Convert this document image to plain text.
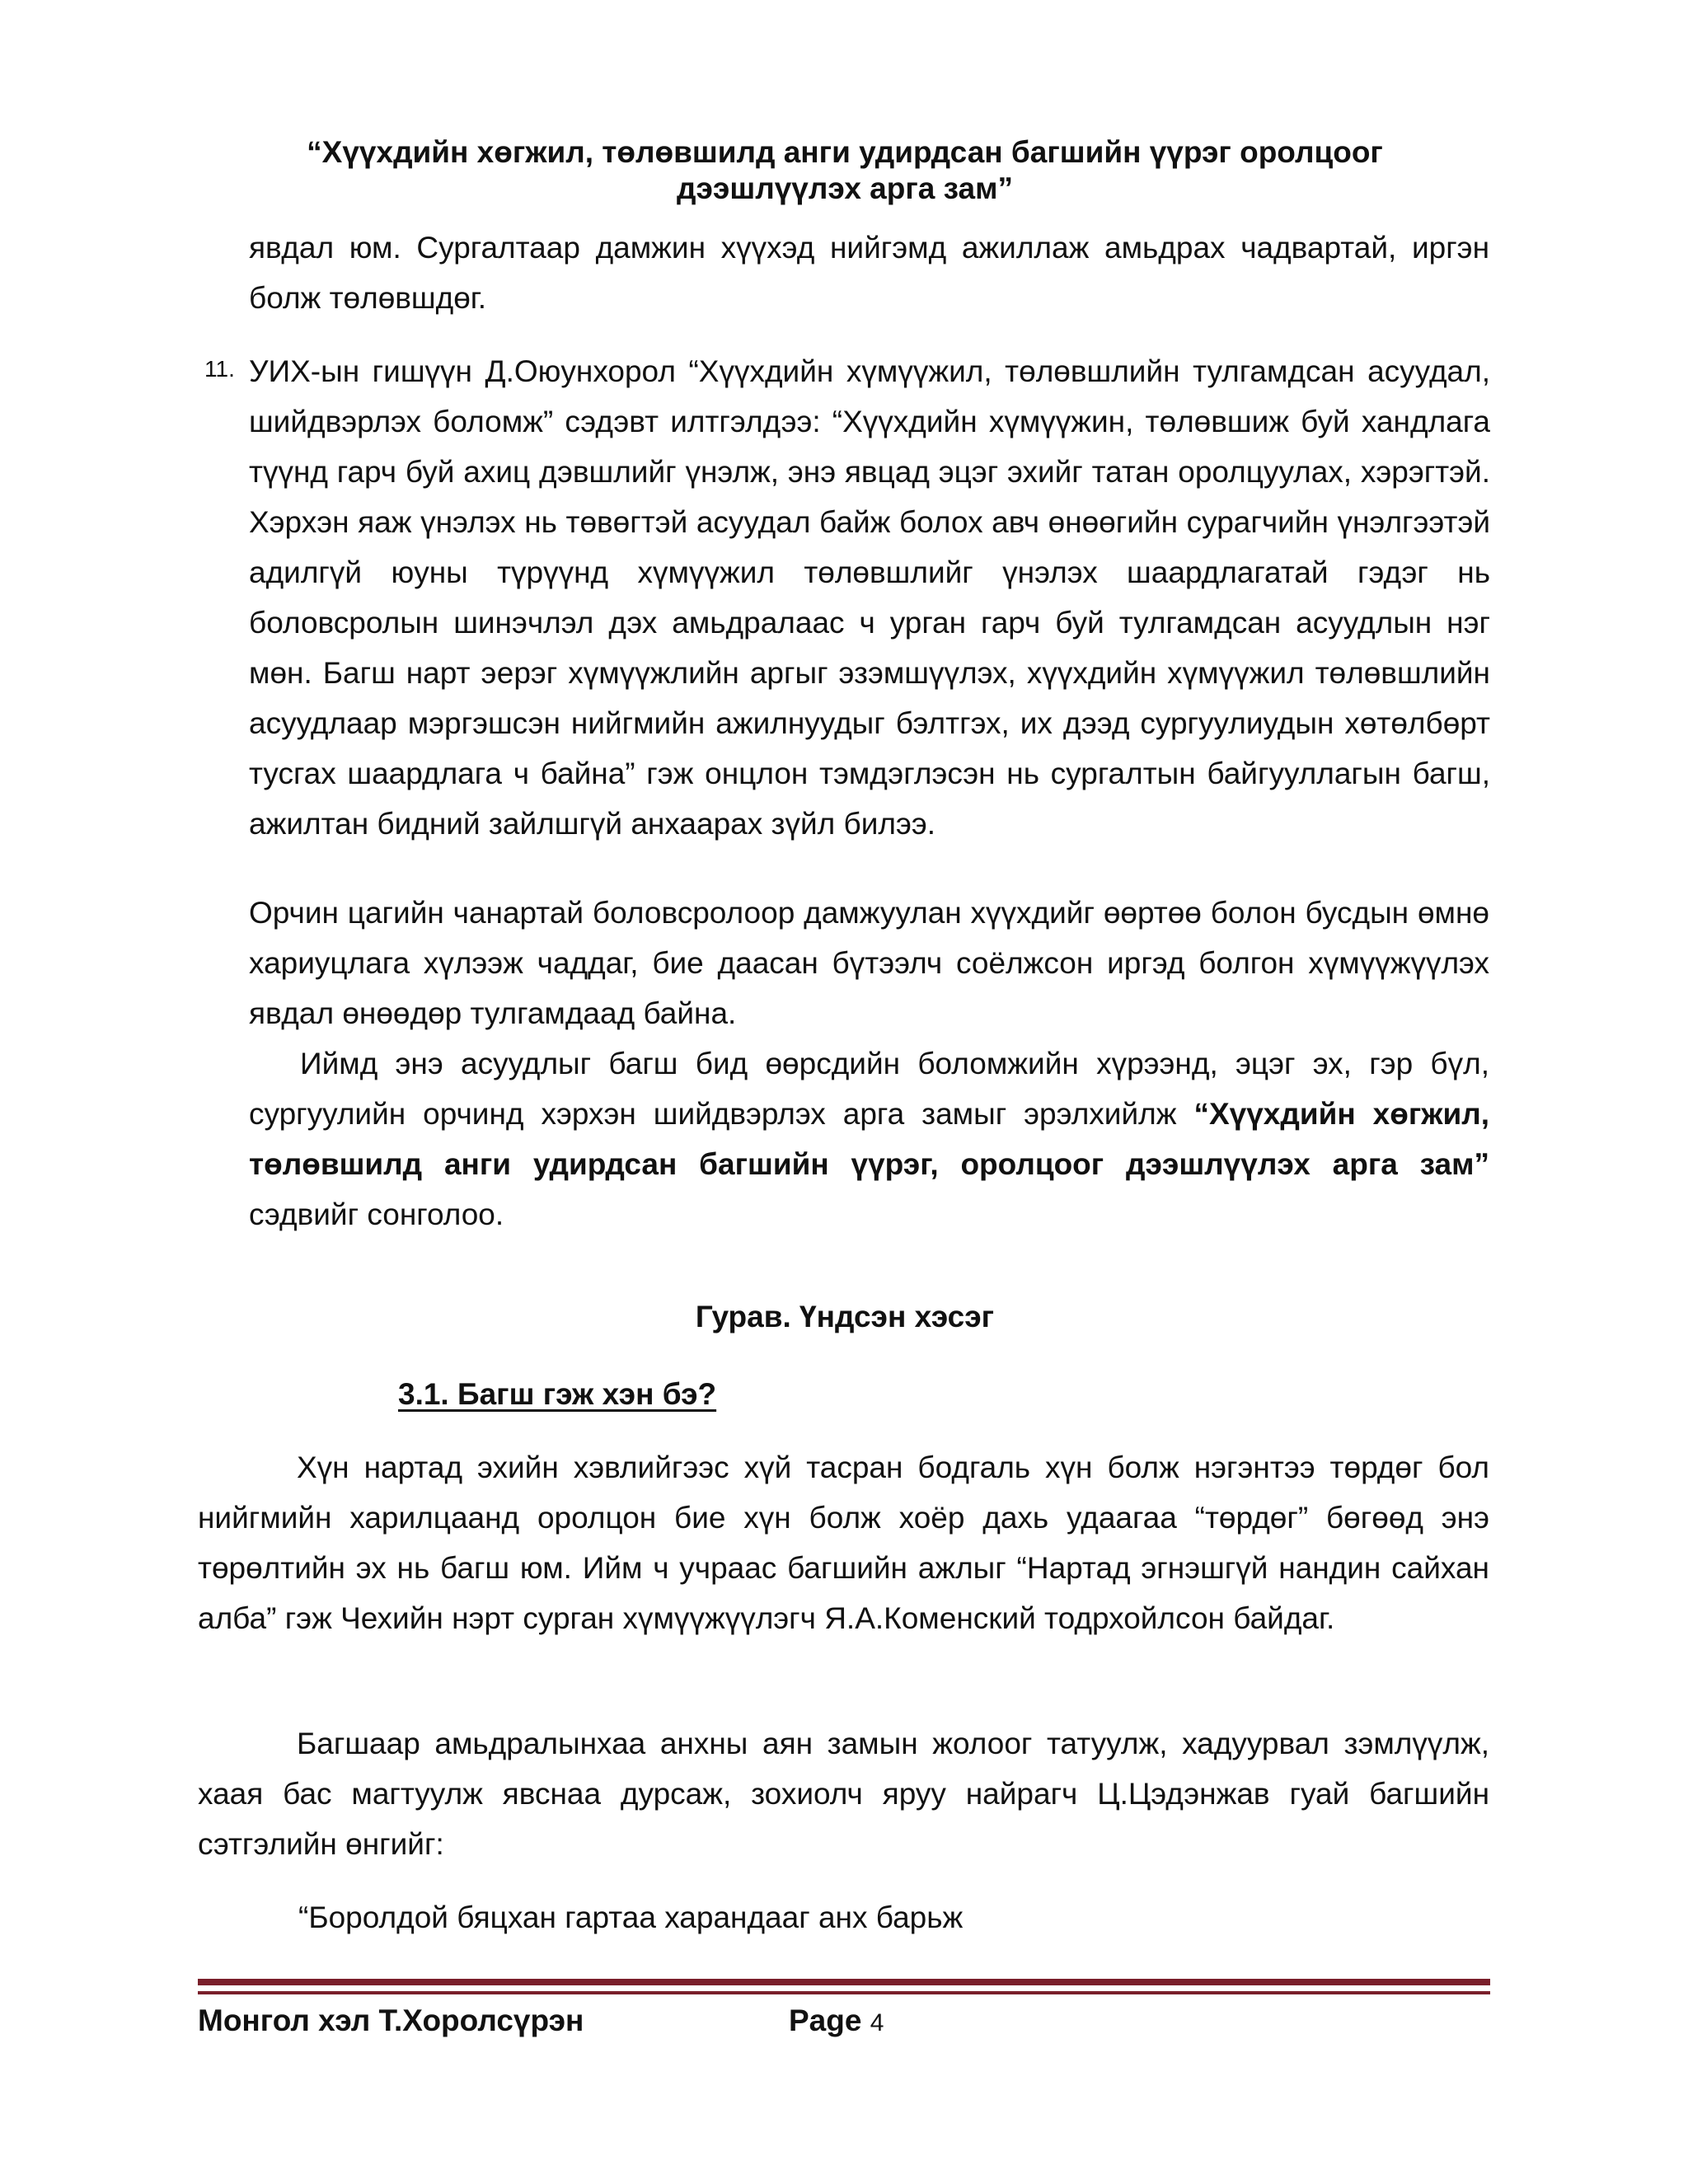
“Хүүхдийн хөгжил, төлөвшилд анги удирдсан багшийн үүрэг оролцоог
дээшлүүлэх арга зам”
явдал юм. Сургалтаар дамжин хүүхэд нийгэмд ажиллаж амьдрах чадвартай, иргэн болж төлөвшдөг.
11. УИХ-ын гишүүн Д.Оюунхорол “Хүүхдийн хүмүүжил, төлөвшлийн тулгамдсан асуудал, шийдвэрлэх боломж” сэдэвт илтгэлдээ: “Хүүхдийн хүмүүжин, төлөвшиж буй хандлага түүнд гарч буй ахиц дэвшлийг үнэлж, энэ явцад эцэг эхийг татан оролцуулах, хэрэгтэй. Хэрхэн яаж үнэлэх нь төвөгтэй асуудал байж болох авч өнөөгийн сурагчийн үнэлгээтэй адилгүй юуны түрүүнд хүмүүжил төлөвшлийг үнэлэх шаардлагатай гэдэг нь боловсролын шинэчлэл дэх амьдралаас ч урган гарч буй тулгамдсан асуудлын нэг мөн. Багш нарт эерэг хүмүүжлийн аргыг эзэмшүүлэх, хүүхдийн хүмүүжил төлөвшлийн асуудлаар мэргэшсэн нийгмийн ажилнуудыг бэлтгэх, их дээд сургуулиудын хөтөлбөрт тусгах шаардлага ч байна” гэж онцлон тэмдэглэсэн нь сургалтын байгууллагын багш, ажилтан бидний зайлшгүй анхаарах зүйл билээ.
Орчин цагийн чанартай боловсролоор дамжуулан хүүхдийг өөртөө болон бусдын өмнө хариуцлага хүлээж чаддаг, бие даасан бүтээлч соёлжсон иргэд болгон хүмүүжүүлэх явдал өнөөдөр тулгамдаад байна.
Иймд энэ асуудлыг багш бид өөрсдийн боломжийн хүрээнд, эцэг эх, гэр бүл, сургуулийн орчинд хэрхэн шийдвэрлэх арга замыг эрэлхийлж “Хүүхдийн хөгжил, төлөвшилд анги удирдсан багшийн үүрэг, оролцоог дээшлүүлэх арга зам” сэдвийг сонголоо.
Гурав. Үндсэн хэсэг
3.1. Багш гэж хэн бэ?
Хүн нартад эхийн хэвлийгээс хүй тасран бодгаль хүн болж нэгэнтээ төрдөг бол нийгмийн харилцаанд оролцон бие хүн болж хоёр дахь удаагаа “төрдөг” бөгөөд энэ төрөлтийн эх нь багш юм. Ийм ч учраас багшийн ажлыг “Нартад эгнэшгүй нандин сайхан алба” гэж Чехийн нэрт сурган хүмүүжүүлэгч Я.А.Коменский тодрхойлсон байдаг.
Багшаар амьдралынхаа анхны аян замын жолоог татуулж, хадуурвал зэмлүүлж, хаая бас магтуулж явснаа дурсаж, зохиолч яруу найрагч Ц.Цэдэнжав гуай багшийн сэтгэлийн өнгийг:
“Боролдой бяцхан гартаа харандааг анх барьж
Монгол хэл Т.Хоролсүрэн	Page 4
